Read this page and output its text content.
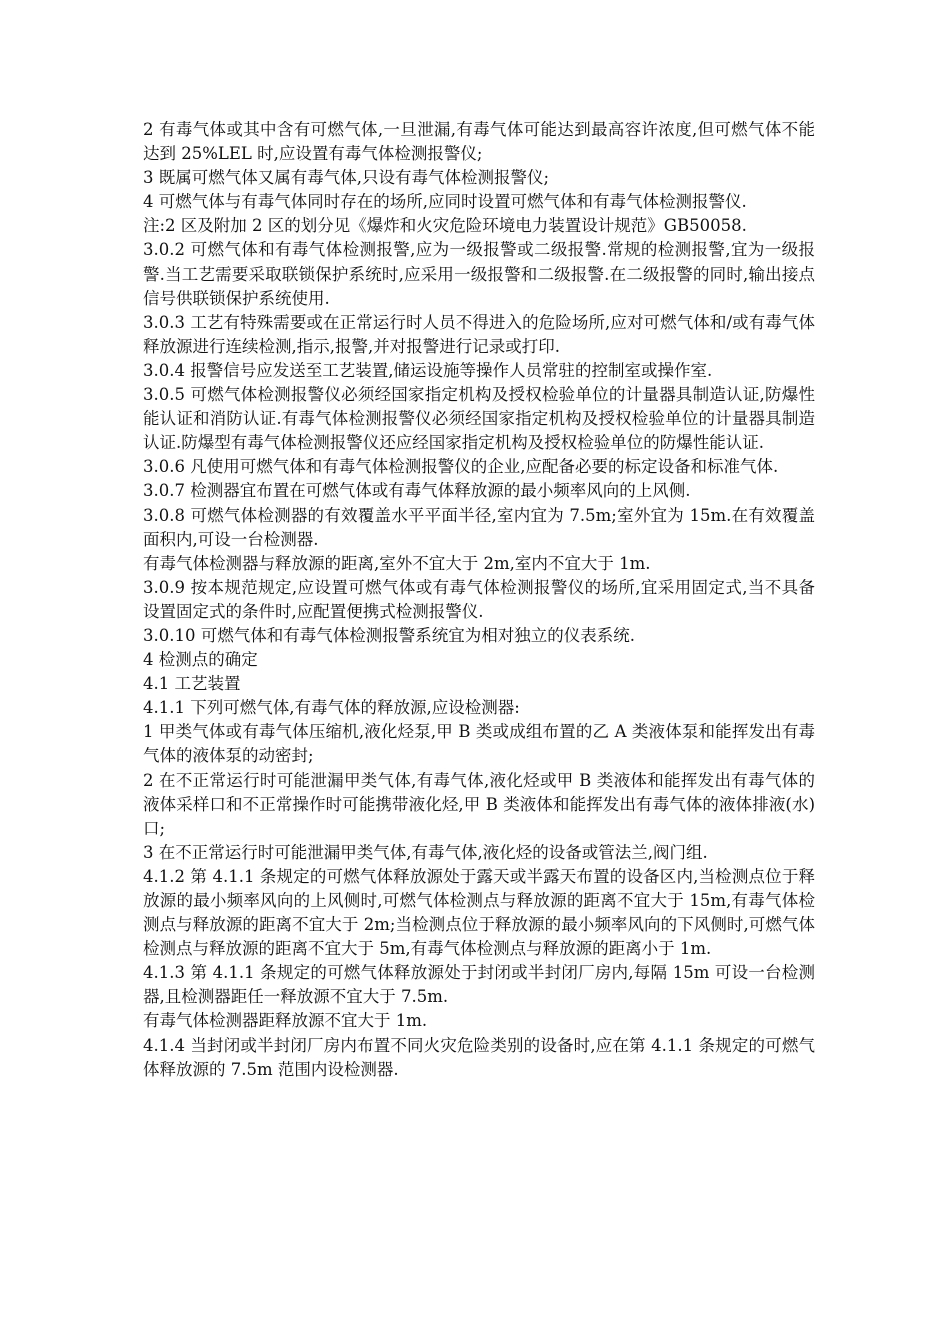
2 有毒气体或其中含有可燃气体,一旦泄漏,有毒气体可能达到最高容许浓度,但可燃气体不能达到 25%LEL 时,应设置有毒气体检测报警仪;

3 既属可燃气体又属有毒气体,只设有毒气体检测报警仪;

4 可燃气体与有毒气体同时存在的场所,应同时设置可燃气体和有毒气体检测报警仪.

注:2 区及附加 2 区的划分见《爆炸和火灾危险环境电力装置设计规范》GB50058.

3.0.2 可燃气体和有毒气体检测报警,应为一级报警或二级报警.常规的检测报警,宜为一级报警.当工艺需要采取联锁保护系统时,应采用一级报警和二级报警.在二级报警的同时,输出接点信号供联锁保护系统使用.

3.0.3 工艺有特殊需要或在正常运行时人员不得进入的危险场所,应对可燃气体和/或有毒气体释放源进行连续检测,指示,报警,并对报警进行记录或打印.

3.0.4 报警信号应发送至工艺装置,储运设施等操作人员常驻的控制室或操作室.

3.0.5 可燃气体检测报警仪必须经国家指定机构及授权检验单位的计量器具制造认证,防爆性能认证和消防认证.有毒气体检测报警仪必须经国家指定机构及授权检验单位的计量器具制造认证.防爆型有毒气体检测报警仪还应经国家指定机构及授权检验单位的防爆性能认证.

3.0.6 凡使用可燃气体和有毒气体检测报警仪的企业,应配备必要的标定设备和标准气体.

3.0.7 检测器宜布置在可燃气体或有毒气体释放源的最小频率风向的上风侧.

3.0.8 可燃气体检测器的有效覆盖水平平面半径,室内宜为 7.5m;室外宜为 15m.在有效覆盖面积内,可设一台检测器.

有毒气体检测器与释放源的距离,室外不宜大于 2m,室内不宜大于 1m.

3.0.9 按本规范规定,应设置可燃气体或有毒气体检测报警仪的场所,宜采用固定式,当不具备设置固定式的条件时,应配置便携式检测报警仪.

3.0.10 可燃气体和有毒气体检测报警系统宜为相对独立的仪表系统.

4 检测点的确定

4.1 工艺装置

4.1.1 下列可燃气体,有毒气体的释放源,应设检测器:

1 甲类气体或有毒气体压缩机,液化烃泵,甲 B 类或成组布置的乙 A 类液体泵和能挥发出有毒气体的液体泵的动密封;

2 在不正常运行时可能泄漏甲类气体,有毒气体,液化烃或甲 B 类液体和能挥发出有毒气体的液体采样口和不正常操作时可能携带液化烃,甲 B 类液体和能挥发出有毒气体的液体排液(水)口;

3 在不正常运行时可能泄漏甲类气体,有毒气体,液化烃的设备或管法兰,阀门组.

4.1.2 第 4.1.1 条规定的可燃气体释放源处于露天或半露天布置的设备区内,当检测点位于释放源的最小频率风向的上风侧时,可燃气体检测点与释放源的距离不宜大于 15m,有毒气体检测点与释放源的距离不宜大于 2m;当检测点位于释放源的最小频率风向的下风侧时,可燃气体检测点与释放源的距离不宜大于 5m,有毒气体检测点与释放源的距离小于 1m.

4.1.3 第 4.1.1 条规定的可燃气体释放源处于封闭或半封闭厂房内,每隔 15m 可设一台检测器,且检测器距任一释放源不宜大于 7.5m.

有毒气体检测器距释放源不宜大于 1m.

4.1.4 当封闭或半封闭厂房内布置不同火灾危险类别的设备时,应在第 4.1.1 条规定的可燃气体释放源的 7.5m 范围内设检测器.
